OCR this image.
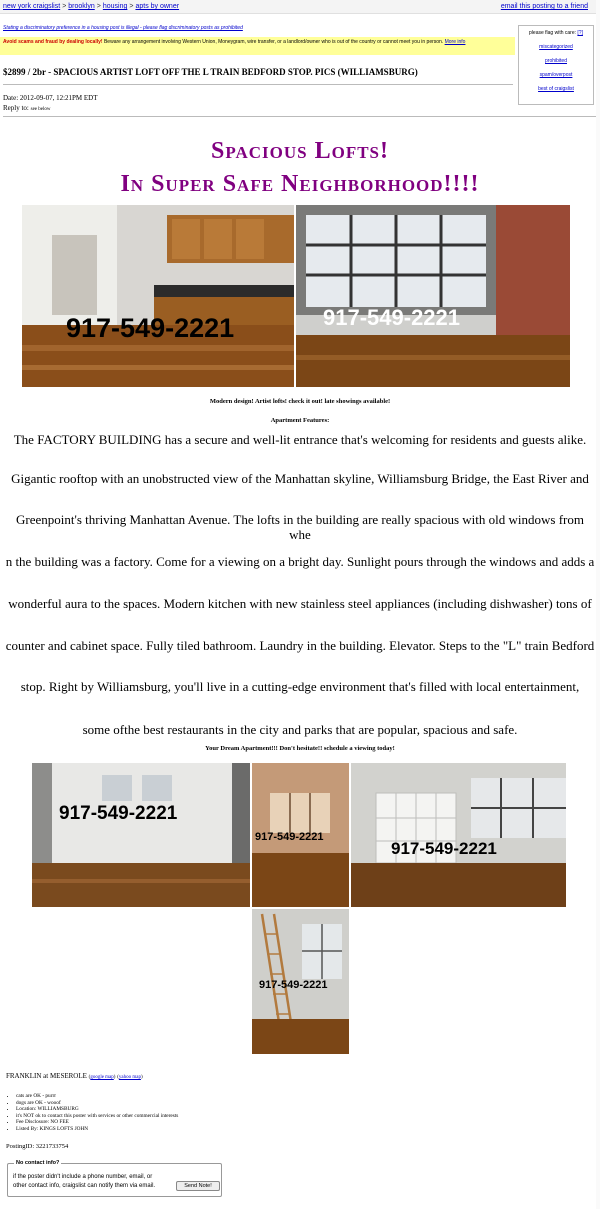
new york craigslist > brooklyn > housing > apts by owner	email this posting to a friend
Stating a discriminatory preference in a housing post is illegal - please flag discriminatory posts as prohibited
Avoid scams and fraud by dealing locally! Beware any arrangement involving Western Union, Moneygram, wire transfer, or a landlord/owner who is out of the country or cannot meet you in person. More info
please flag with care: [?]
miscategorized
prohibited
spam/overpost
best of craigslist
$2899 / 2br - SPACIOUS ARTIST LOFT OFF THE L TRAIN BEDFORD STOP. PICS (WILLIAMSBURG)
Date: 2012-09-07, 12:21PM EDT
Reply to: see below
Spacious Lofts!
In Super Safe Neighborhood!!!!
917-549-2221	917-549-2221
Modern design! Artist lofts! check it out! late showings available!
Apartment Features:
The FACTORY BUILDING has a secure and well-lit entrance that's welcoming for residents and guests alike.
Gigantic rooftop with an unobstructed view of the Manhattan skyline, Williamsburg Bridge, the East River and
Greenpoint's thriving Manhattan Avenue. The lofts in the building are really spacious with old windows from whe
n the building was a factory. Come for a viewing on a bright day. Sunlight pours through the windows and adds a
wonderful aura to the spaces. Modern kitchen with new stainless steel appliances (including dishwasher) tons of
counter and cabinet space. Fully tiled bathroom. Laundry in the building. Elevator. Steps to the "L" train Bedford
stop. Right by Williamsburg, you'll live in a cutting-edge environment that's filled with local entertainment,
some ofthe best restaurants in the city and parks that are popular, spacious and safe.
Your Dream Apartment!!! Don't hesitate!! schedule a viewing today!
917-549-2221
917-549-2221
917-549-2221
917-549-2221
FRANKLIN at MESEROLE (google map) (yahoo map)
• cats are OK - purrr
• dogs are OK - wooof
• Location: WILLIAMSBURG
• it's NOT ok to contact this poster with services or other commercial interests
• Fee Disclosure: NO FEE
• Listed By: KINGS LOFTS JOHN
PostingID: 3221733754
No contact info?
if the poster didn't include a phone number, email, or
other contact info, craigslist can notify them via email.	Send Note!
